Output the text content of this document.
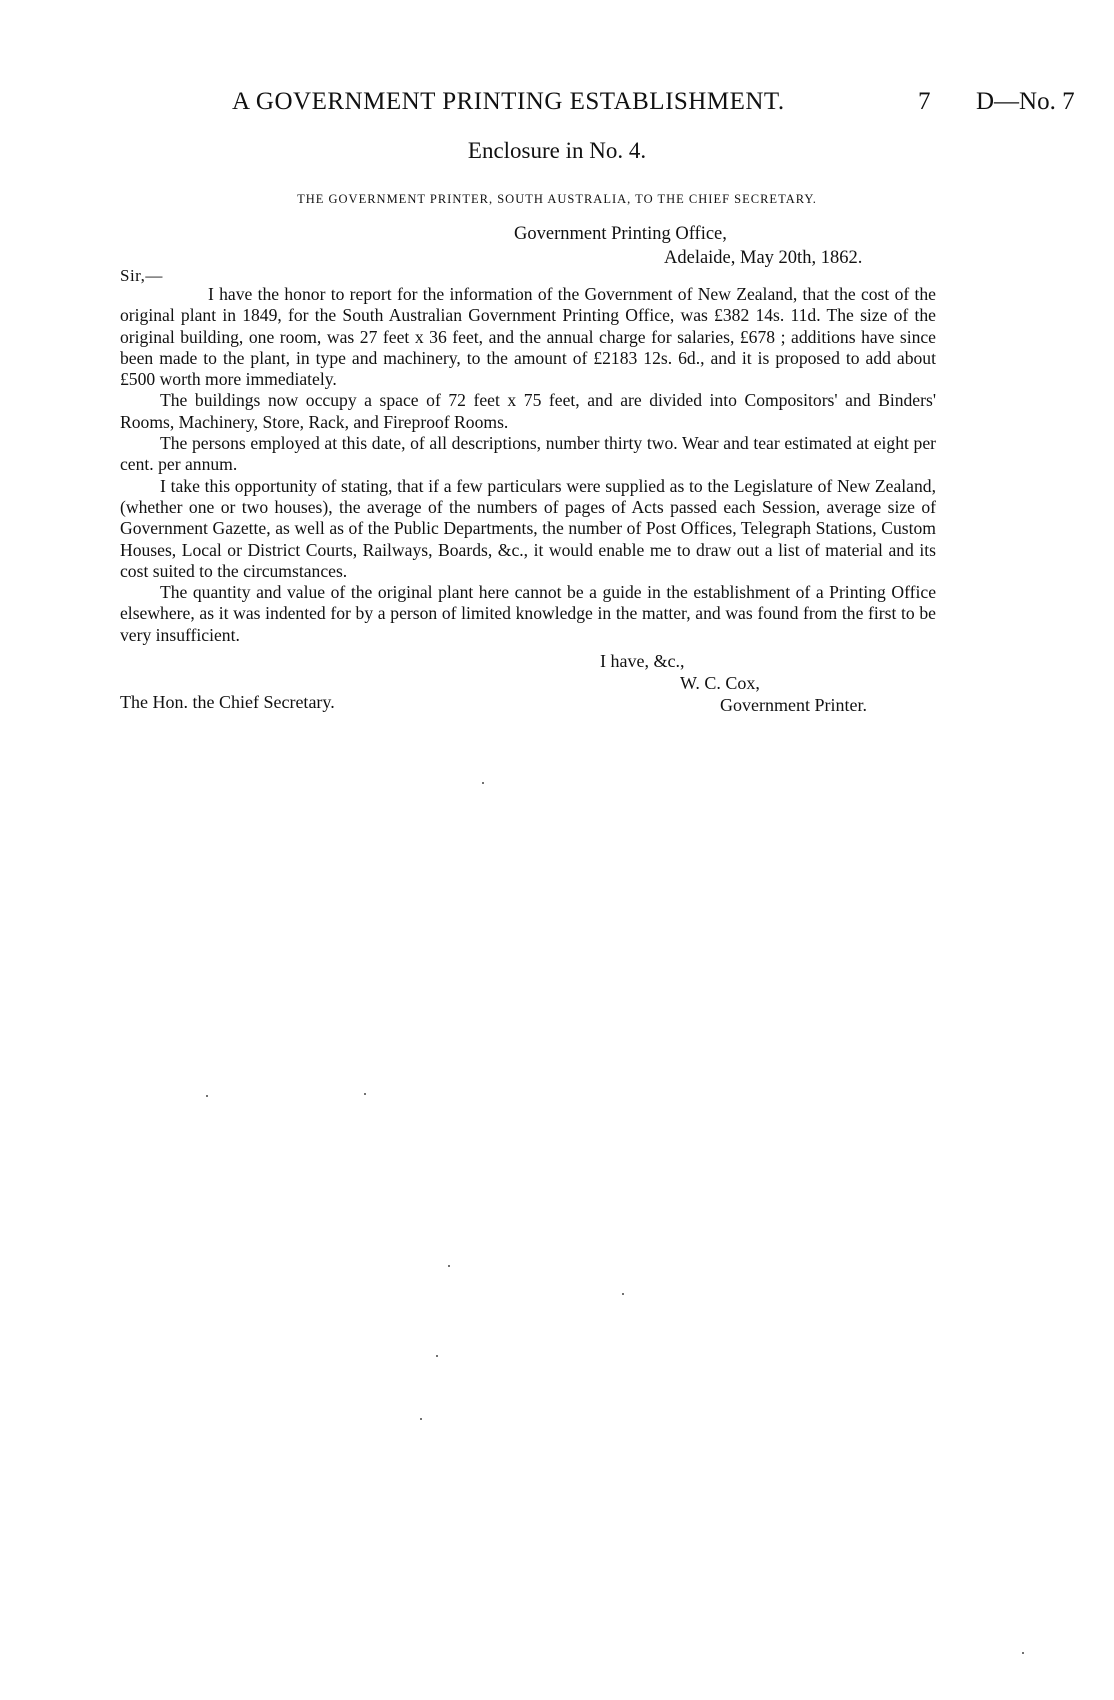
A GOVERNMENT PRINTING ESTABLISHMENT.	7 D—No. 7
Enclosure in No. 4.
THE GOVERNMENT PRINTER, SOUTH AUSTRALIA, TO THE CHIEF SECRETARY.
Government Printing Office,
Adelaide, May 20th, 1862.
Sir,—

I have the honor to report for the information of the Government of New Zealand, that the cost of the original plant in 1849, for the South Australian Government Printing Office, was £382 14s. 11d. The size of the original building, one room, was 27 feet x 36 feet, and the annual charge for salaries, £678 ; additions have since been made to the plant, in type and machinery, to the amount of £2183 12s. 6d., and it is proposed to add about £500 worth more immediately.

The buildings now occupy a space of 72 feet x 75 feet, and are divided into Compositors' and Binders' Rooms, Machinery, Store, Rack, and Fireproof Rooms.

The persons employed at this date, of all descriptions, number thirty two. Wear and tear estimated at eight per cent. per annum.

I take this opportunity of stating, that if a few particulars were supplied as to the Legislature of New Zealand, (whether one or two houses), the average of the numbers of pages of Acts passed each Session, average size of Government Gazette, as well as of the Public Departments, the number of Post Offices, Telegraph Stations, Custom Houses, Local or District Courts, Railways, Boards, &c., it would enable me to draw out a list of material and its cost suited to the circumstances.

The quantity and value of the original plant here cannot be a guide in the establishment of a Printing Office elsewhere, as it was indented for by a person of limited knowledge in the matter, and was found from the first to be very insufficient.

I have, &c.,
W. C. Cox,
Government Printer.
The Hon. the Chief Secretary.
